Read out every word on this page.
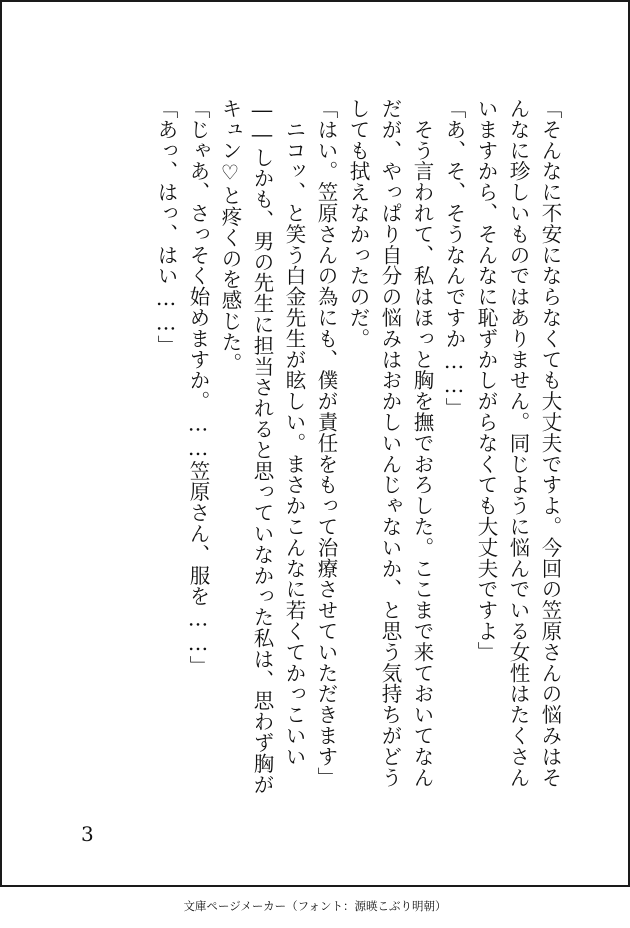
「そんなに不安にならなくても大丈夫ですよ。今回の笠原さんの悩みはそ
んなに珍しいものではありません。同じように悩んでいる女性はたくさん
いますから、そんなに恥ずかしがらなくても大丈夫ですよ」
「あ、そ、そうなんですか……」
　そう言われて、私はほっと胸を撫でおろした。ここまで来ておいてなん
だが、やっぱり自分の悩みはおかしいんじゃないか、と思う気持ちがどう
しても拭えなかったのだ。
「はい。笠原さんの為にも、僕が責任をもって治療させていただきます」
　ニコッ、と笑う白金先生が眩しい。まさかこんなに若くてかっこいい
――しかも、男の先生に担当されると思っていなかった私は、思わず胸が
キュン♡と疼くのを感じた。
「じゃあ、さっそく始めますか。……笠原さん、服を……」
「あっ、はっ、はい……」
3
文庫ページメーカー（フォント：源暎こぶり明朝）
